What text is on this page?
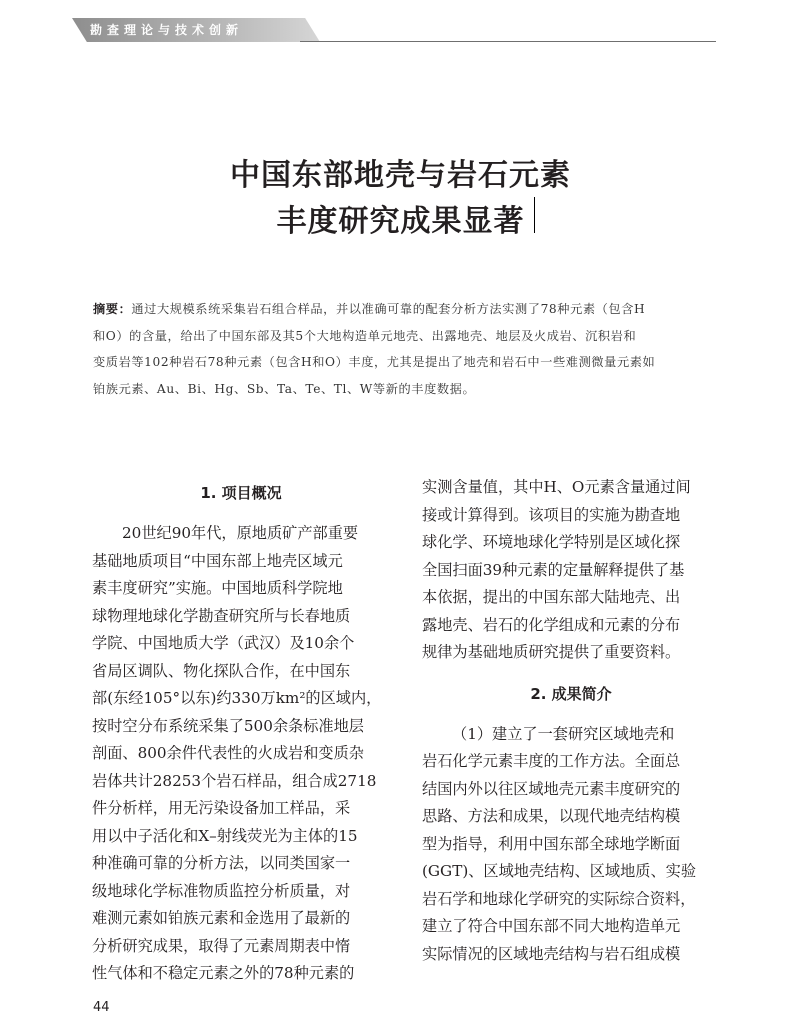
勘查理论与技术创新
中国东部地壳与岩石元素
丰度研究成果显著
摘要：通过大规模系统采集岩石组合样品，并以准确可靠的配套分析方法实测了78种元素（包含H
和O）的含量，给出了中国东部及其5个大地构造单元地壳、出露地壳、地层及火成岩、沉积岩和
变质岩等102种岩石78种元素（包含H和O）丰度，尤其是提出了地壳和岩石中一些难测微量元素如
铂族元素、Au、Bi、Hg、Sb、Ta、Te、Tl、W等新的丰度数据。
1. 项目概况
20世纪90年代，原地质矿产部重要
基础地质项目“中国东部上地壳区域元
素丰度研究”实施。中国地质科学院地
球物理地球化学勘查研究所与长春地质
学院、中国地质大学（武汉）及10余个
省局区调队、物化探队合作，在中国东
部(东经105°以东)约330万km²的区域内，
按时空分布系统采集了500余条标准地层
剖面、800余件代表性的火成岩和变质杂
岩体共计28253个岩石样品，组合成2718
件分析样，用无污染设备加工样品，采
用以中子活化和X–射线荧光为主体的15
种准确可靠的分析方法，以同类国家一
级地球化学标准物质监控分析质量，对
难测元素如铂族元素和金选用了最新的
分析研究成果，取得了元素周期表中惰
性气体和不稳定元素之外的78种元素的
实测含量值，其中H、O元素含量通过间
接或计算得到。该项目的实施为勘查地
球化学、环境地球化学特别是区域化探
全国扫面39种元素的定量解释提供了基
本依据，提出的中国东部大陆地壳、出
露地壳、岩石的化学组成和元素的分布
规律为基础地质研究提供了重要资料。
2. 成果简介
（1）建立了一套研究区域地壳和
岩石化学元素丰度的工作方法。全面总
结国内外以往区域地壳元素丰度研究的
思路、方法和成果，以现代地壳结构模
型为指导，利用中国东部全球地学断面
(GGT)、区域地壳结构、区域地质、实验
岩石学和地球化学研究的实际综合资料，
建立了符合中国东部不同大地构造单元
实际情况的区域地壳结构与岩石组成模
44
